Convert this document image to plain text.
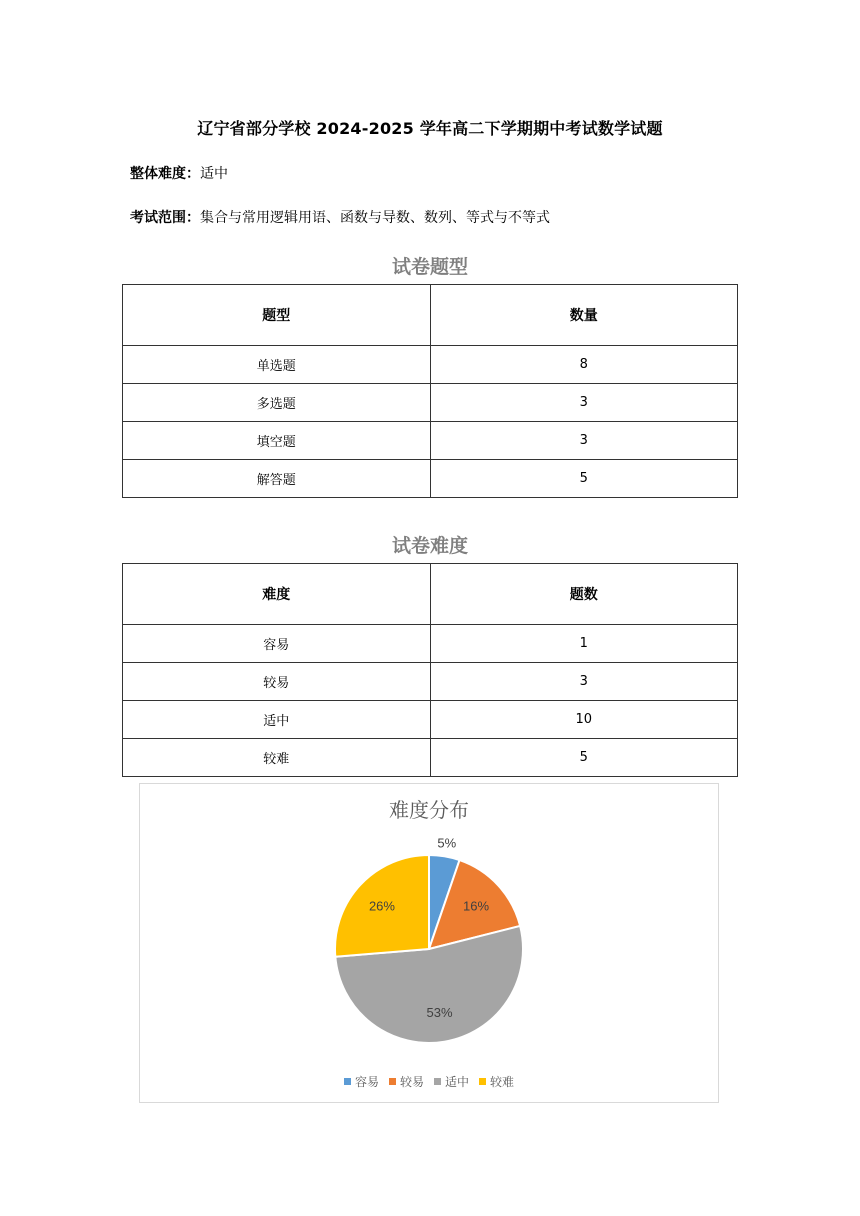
辽宁省部分学校 2024-2025 学年高二下学期期中考试数学试题
整体难度：适中
考试范围：集合与常用逻辑用语、函数与导数、数列、等式与不等式
试卷题型
题型	数量
单选题	8
多选题	3
填空题	3
解答题	5
试卷难度
难度	题数
容易	1
较易	3
适中	10
较难	5
难度分布
5%
16%
53%
26%
容易 较易 适中 较难
